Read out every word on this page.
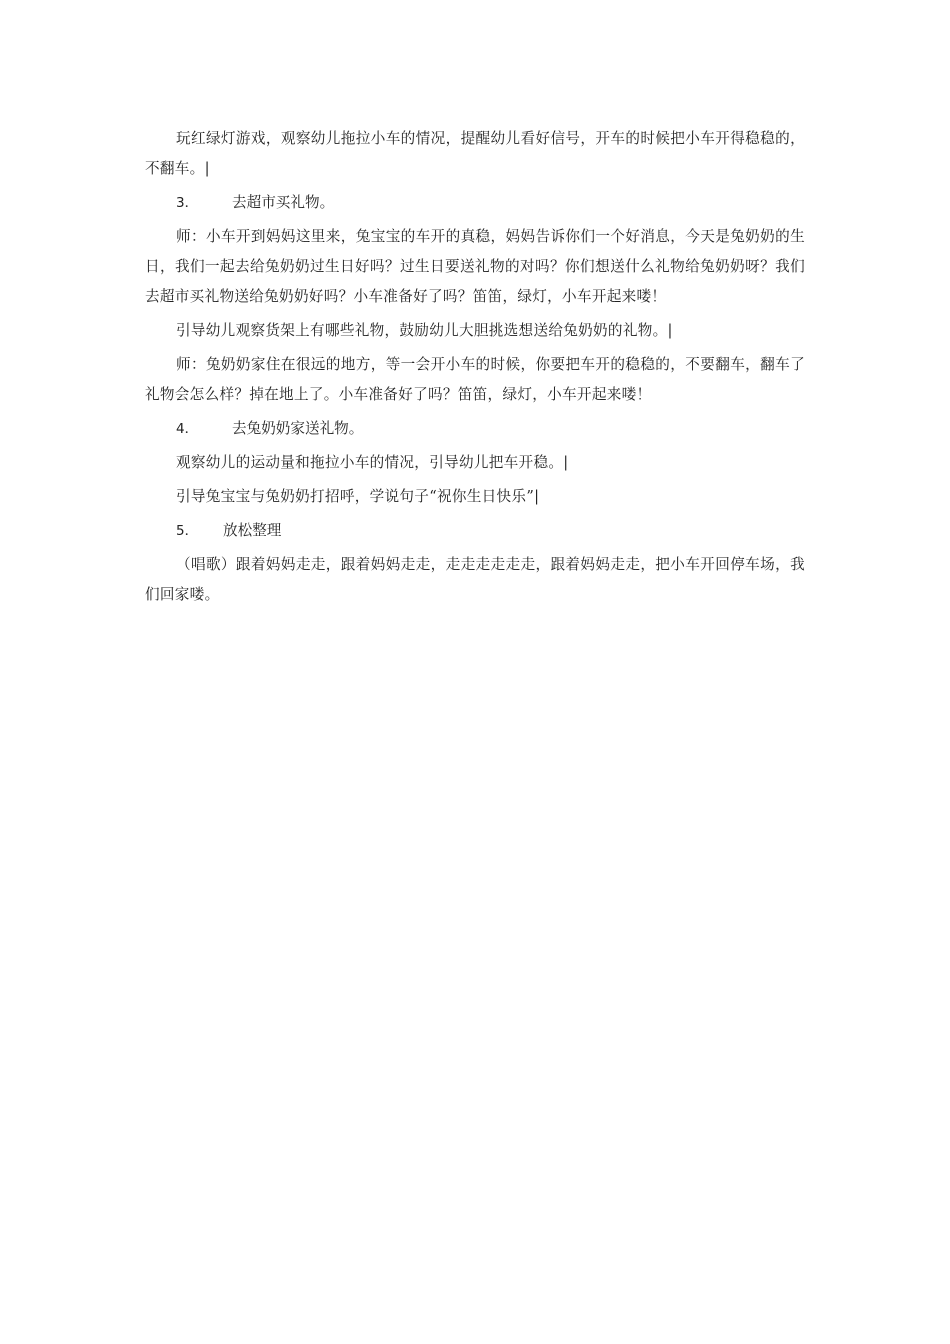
玩红绿灯游戏，观察幼儿拖拉小车的情况，提醒幼儿看好信号，开车的时候把小车开得稳稳的，不翻车。|

3． 去超市买礼物。

师：小车开到妈妈这里来，兔宝宝的车开的真稳，妈妈告诉你们一个好消息，今天是兔奶奶的生日，我们一起去给兔奶奶过生日好吗？过生日要送礼物的对吗？你们想送什么礼物给兔奶奶呀？我们去超市买礼物送给兔奶奶好吗？小车准备好了吗？笛笛，绿灯，小车开起来喽！

引导幼儿观察货架上有哪些礼物，鼓励幼儿大胆挑选想送给兔奶奶的礼物。|

师：兔奶奶家住在很远的地方，等一会开小车的时候，你要把车开的稳稳的，不要翻车，翻车了礼物会怎么样？掉在地上了。小车准备好了吗？笛笛，绿灯，小车开起来喽！

4． 去兔奶奶家送礼物。

观察幼儿的运动量和拖拉小车的情况，引导幼儿把车开稳。|

引导兔宝宝与兔奶奶打招呼，学说句子“祝你生日快乐”|

5． 放松整理

（唱歌）跟着妈妈走走，跟着妈妈走走，走走走走走走，跟着妈妈走走，把小车开回停车场，我们回家喽。
